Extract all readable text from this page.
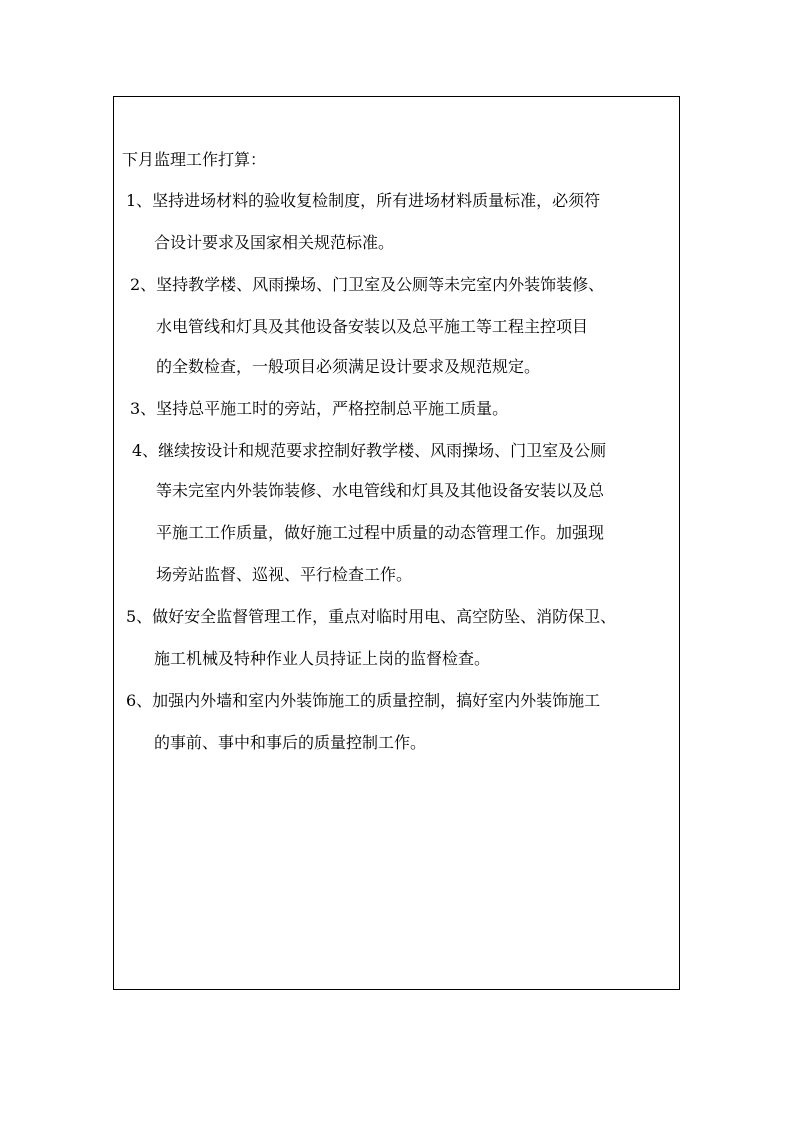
下月监理工作打算：
1、坚持进场材料的验收复检制度，所有进场材料质量标准，必须符
合设计要求及国家相关规范标准。
2、坚持教学楼、风雨操场、门卫室及公厕等未完室内外装饰装修、
水电管线和灯具及其他设备安装以及总平施工等工程主控项目
的全数检查，一般项目必须满足设计要求及规范规定。
3、坚持总平施工时的旁站，严格控制总平施工质量。
4、继续按设计和规范要求控制好教学楼、风雨操场、门卫室及公厕
等未完室内外装饰装修、水电管线和灯具及其他设备安装以及总
平施工工作质量，做好施工过程中质量的动态管理工作。加强现
场旁站监督、巡视、平行检查工作。
5、做好安全监督管理工作，重点对临时用电、高空防坠、消防保卫、
施工机械及特种作业人员持证上岗的监督检查。
6、加强内外墙和室内外装饰施工的质量控制，搞好室内外装饰施工
的事前、事中和事后的质量控制工作。
